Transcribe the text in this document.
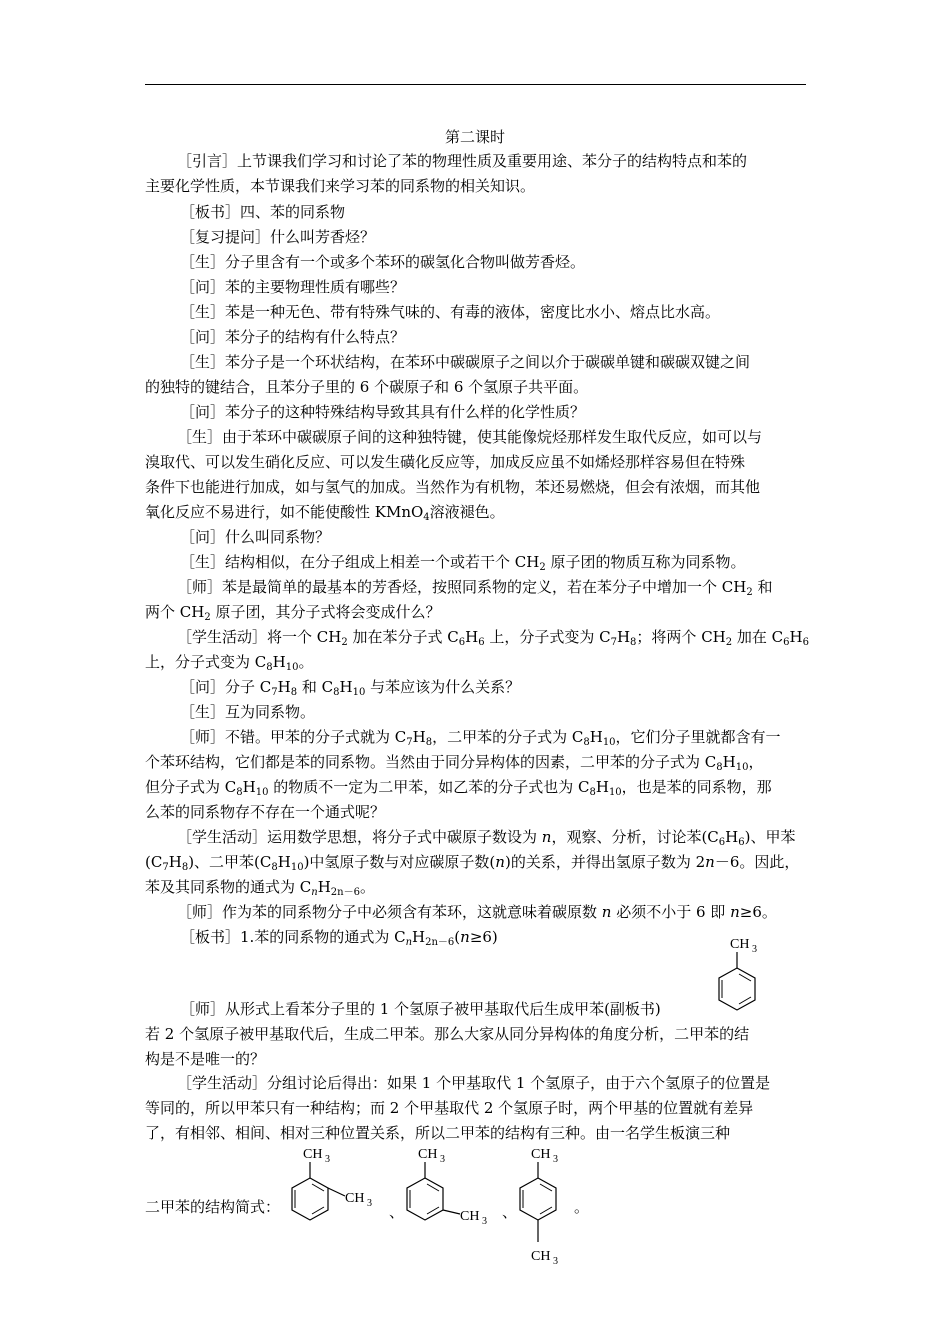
第二课时
［引言］上节课我们学习和讨论了苯的物理性质及重要用途、苯分子的结构特点和苯的
主要化学性质，本节课我们来学习苯的同系物的相关知识。
［板书］四、苯的同系物
［复习提问］什么叫芳香烃？
［生］分子里含有一个或多个苯环的碳氢化合物叫做芳香烃。
［问］苯的主要物理性质有哪些？
［生］苯是一种无色、带有特殊气味的、有毒的液体，密度比水小、熔点比水高。
［问］苯分子的结构有什么特点？
［生］苯分子是一个环状结构，在苯环中碳碳原子之间以介于碳碳单键和碳碳双键之间
的独特的键结合，且苯分子里的 6 个碳原子和 6 个氢原子共平面。
［问］苯分子的这种特殊结构导致其具有什么样的化学性质？
［生］由于苯环中碳碳原子间的这种独特键，使其能像烷烃那样发生取代反应，如可以与
溴取代、可以发生硝化反应、可以发生磺化反应等，加成反应虽不如烯烃那样容易但在特殊
条件下也能进行加成，如与氢气的加成。当然作为有机物，苯还易燃烧，但会有浓烟，而其他
氧化反应不易进行，如不能使酸性 KMnO$_4$溶液褪色。
［问］什么叫同系物？
［生］结构相似，在分子组成上相差一个或若干个 $CH_2$ 原子团的物质互称为同系物。
［师］苯是最简单的最基本的芳香烃，按照同系物的定义，若在苯分子中增加一个 $CH_2$ 和
两个 $CH_2$ 原子团，其分子式将会变成什么？
［学生活动］将一个 $CH_2$ 加在苯分子式 $C_6H_6$ 上，分子式变为 $C_7H_8$；将两个 $CH_2$ 加在 $C_6H_6$
上，分子式变为 $C_8H_{10}$。
［问］分子 $C_7H_8$ 和 $C_8H_{10}$ 与苯应该为什么关系？
［生］互为同系物。
［师］不错。甲苯的分子式就为 $C_7H_8$，二甲苯的分子式为 $C_8H_{10}$，它们分子里就都含有一
个苯环结构，它们都是苯的同系物。当然由于同分异构体的因素，二甲苯的分子式为 $C_8H_{10}$，
但分子式为 $C_8H_{10}$ 的物质不一定为二甲苯，如乙苯的分子式也为 $C_8H_{10}$，也是苯的同系物，那
么苯的同系物存不存在一个通式呢？
［学生活动］运用数学思想，将分子式中碳原子数设为 n，观察、分析，讨论苯$(C_6H_6)$、甲苯
$(C_7H_8)$、二甲苯$(C_8H_{10})$中氢原子数与对应碳原子数(n)的关系，并得出氢原子数为 2n－6。因此，
苯及其同系物的通式为 $C_nH_{2n-6}$。
［师］作为苯的同系物分子中必须含有苯环，这就意味着碳原数 n 必须不小于 6 即 n≥6。
［板书］1.苯的同系物的通式为 $C_nH_{2n-6}(n\ge 6)$	CH 3
［师］从形式上看苯分子里的 1 个氢原子被甲基取代后生成甲苯(副板书)
若 2 个氢原子被甲基取代后，生成二甲苯。那么大家从同分异构体的角度分析，二甲苯的结
构是不是唯一的？
［学生活动］分组讨论后得出：如果 1 个甲基取代 1 个氢原子，由于六个氢原子的位置是
等同的，所以甲苯只有一种结构；而 2 个甲基取代 2 个氢原子时，两个甲基的位置就有差异
了，有相邻、相间、相对三种位置关系，所以二甲苯的结构有三种。由一名学生板演三种
二甲苯的结构简式：
CH 3
CH 3 、
CH 3
CH 3
、
CH 3
CH 3
。
